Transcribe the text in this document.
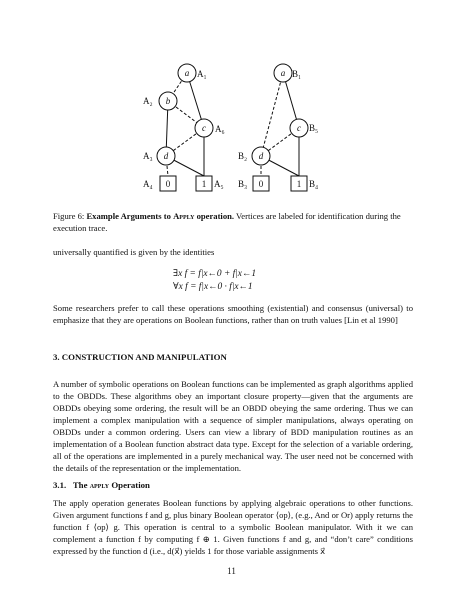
a
b
c
d
0	1
a
c
d
0	1
A₁
A₂
A₃
A₄	A₅
A₆
B₁
B₂
B₃	B₄
B₅
Figure 6: Example Arguments to Apply operation. Vertices are labeled for identification during the execution trace.
universally quantified is given by the identities
∃x f = f|x←0 + f|x←1
∀x f = f|x←0 · f|x←1
Some researchers prefer to call these operations smoothing (existential) and consensus (universal) to emphasize that they are operations on Boolean functions, rather than on truth values [Lin et al 1990]
3. CONSTRUCTION AND MANIPULATION
A number of symbolic operations on Boolean functions can be implemented as graph algorithms applied to the OBDDs. These algorithms obey an important closure property—given that the arguments are OBDDs obeying some ordering, the result will be an OBDD obeying the same ordering. Thus we can implement a complex manipulation with a sequence of simpler manipulations, always operating on OBDDs under a common ordering. Users can view a library of BDD manipulation routines as an implementation of a Boolean function abstract data type. Except for the selection of a variable ordering, all of the operations are implemented in a purely mechanical way. The user need not be concerned with the details of the representation or the implementation.
3.1. The apply Operation
The apply operation generates Boolean functions by applying algebraic operations to other functions. Given argument functions f and g, plus binary Boolean operator ⟨op⟩, (e.g., And or Or) apply returns the function f ⟨op⟩ g. This operation is central to a symbolic Boolean manipulator. With it we can complement a function f by computing f ⊕ 1. Given functions f and g, and “don’t care” conditions expressed by the function d (i.e., d(x⃗) yields 1 for those variable assignments x⃗
11
